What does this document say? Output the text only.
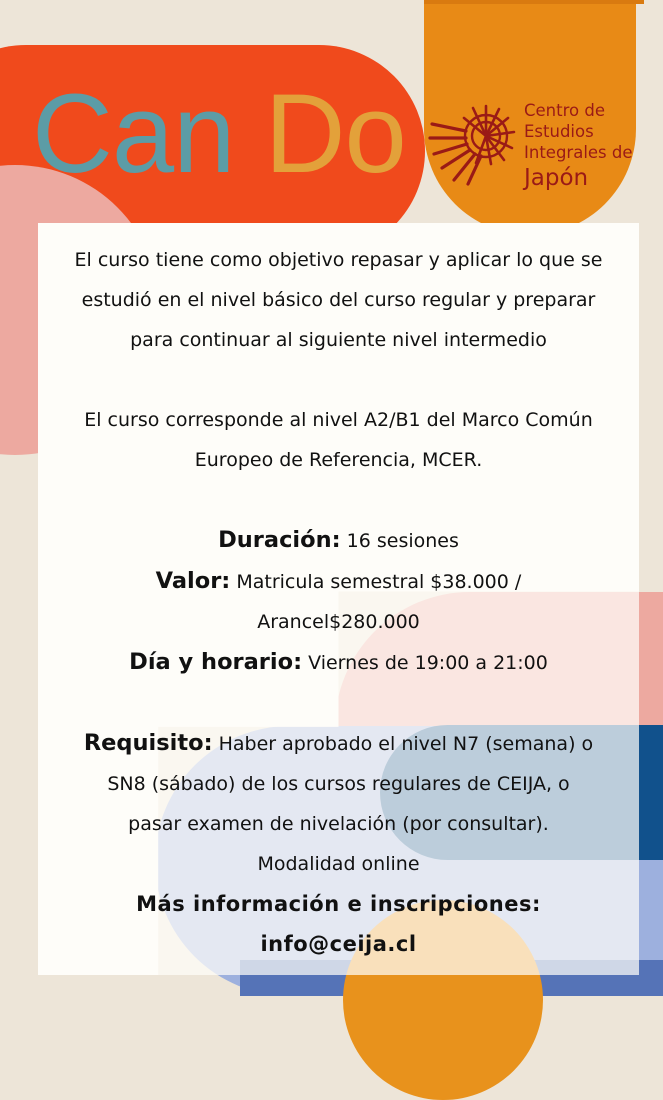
Can Do	Centro de
Estudios
Integrales de
Japón
El curso tiene como objetivo repasar y aplicar lo que se
estudió en el nivel básico del curso regular y preparar
para continuar al siguiente nivel intermedio
El curso corresponde al nivel A2/B1 del Marco Común
Europeo de Referencia, MCER.
Duración: 16 sesiones
Valor: Matricula semestral $38.000 /
Arancel$280.000
Día y horario: Viernes de 19:00 a 21:00
Requisito: Haber aprobado el nivel N7 (semana) o
SN8 (sábado) de los cursos regulares de CEIJA, o
pasar examen de nivelación (por consultar).
Modalidad online
Más información e inscripciones:
info@ceija.cl
